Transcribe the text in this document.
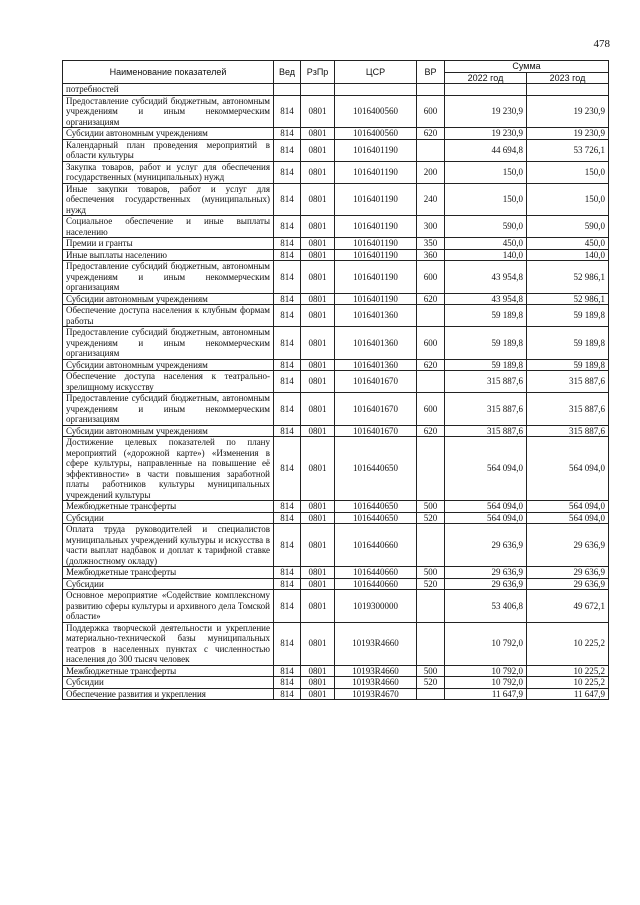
478
Наименование показателей	Вед	РзПр	ЦСР	ВР	Сумма	
					2022 год	2023 год
потребностей						
Предоставление субсидий бюджетным, автономным учреждениям и иным некоммерческим организациям	814	0801	1016400560	600	19 230,9	19 230,9
Субсидии автономным учреждениям	814	0801	1016400560	620	19 230,9	19 230,9
Календарный план проведения мероприятий в области культуры	814	0801	1016401190		44 694,8	53 726,1
Закупка товаров, работ и услуг для обеспечения государственных (муниципальных) нужд	814	0801	1016401190	200	150,0	150,0
Иные закупки товаров, работ и услуг для обеспечения государственных (муниципальных) нужд	814	0801	1016401190	240	150,0	150,0
Социальное обеспечение и иные выплаты населению	814	0801	1016401190	300	590,0	590,0
Премии и гранты	814	0801	1016401190	350	450,0	450,0
Иные выплаты населению	814	0801	1016401190	360	140,0	140,0
Предоставление субсидий бюджетным, автономным учреждениям и иным некоммерческим организациям	814	0801	1016401190	600	43 954,8	52 986,1
Субсидии автономным учреждениям	814	0801	1016401190	620	43 954,8	52 986,1
Обеспечение доступа населения к клубным формам работы	814	0801	1016401360		59 189,8	59 189,8
Предоставление субсидий бюджетным, автономным учреждениям и иным некоммерческим организациям	814	0801	1016401360	600	59 189,8	59 189,8
Субсидии автономным учреждениям	814	0801	1016401360	620	59 189,8	59 189,8
Обеспечение доступа населения к театрально-зрелищному искусству	814	0801	1016401670		315 887,6	315 887,6
Предоставление субсидий бюджетным, автономным учреждениям и иным некоммерческим организациям	814	0801	1016401670	600	315 887,6	315 887,6
Субсидии автономным учреждениям	814	0801	1016401670	620	315 887,6	315 887,6
Достижение целевых показателей по плану мероприятий («дорожной карте») «Изменения в сфере культуры, направленные на повышение её эффективности» в части повышения заработной платы работников культуры муниципальных учреждений культуры	814	0801	1016440650		564 094,0	564 094,0
Межбюджетные трансферты	814	0801	1016440650	500	564 094,0	564 094,0
Субсидии	814	0801	1016440650	520	564 094,0	564 094,0
Оплата труда руководителей и специалистов муниципальных учреждений культуры и искусства в части выплат надбавок и доплат к тарифной ставке (должностному окладу)	814	0801	1016440660		29 636,9	29 636,9
Межбюджетные трансферты	814	0801	1016440660	500	29 636,9	29 636,9
Субсидии	814	0801	1016440660	520	29 636,9	29 636,9
Основное мероприятие «Содействие комплексному развитию сферы культуры и архивного дела Томской области»	814	0801	1019300000		53 406,8	49 672,1
Поддержка творческой деятельности и укрепление материально-технической базы муниципальных театров в населенных пунктах с численностью населения до 300 тысяч человек	814	0801	10193R4660		10 792,0	10 225,2
Межбюджетные трансферты	814	0801	10193R4660	500	10 792,0	10 225,2
Субсидии	814	0801	10193R4660	520	10 792,0	10 225,2
Обеспечение развития и укрепления	814	0801	10193R4670		11 647,9	11 647,9
